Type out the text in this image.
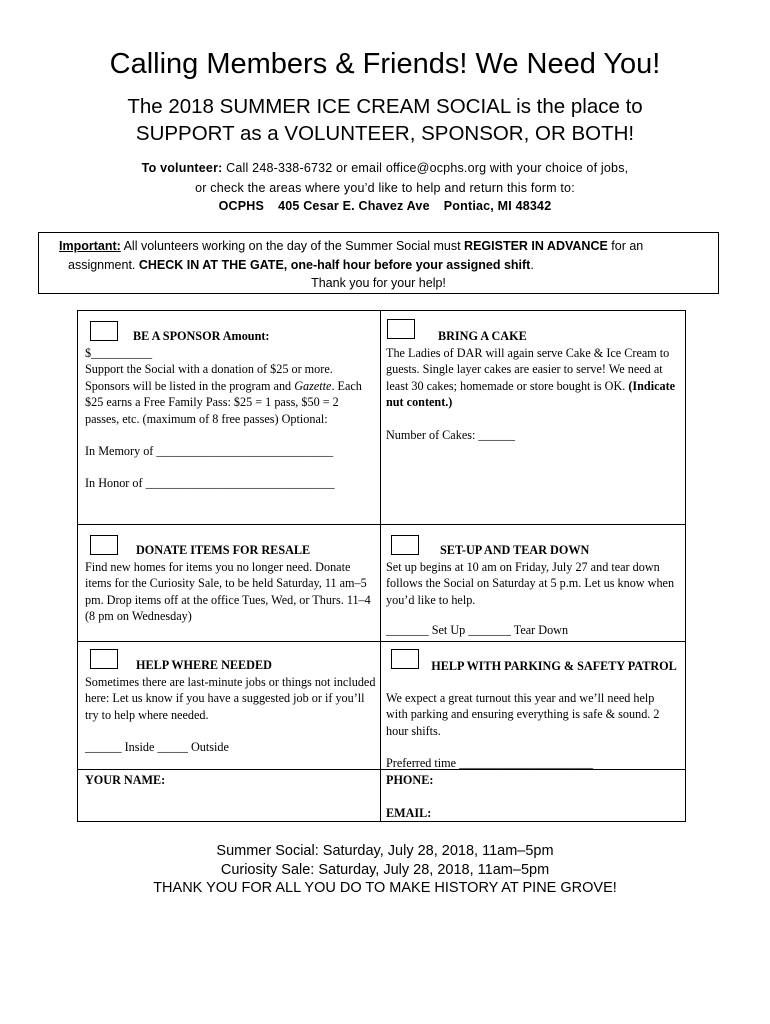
Calling Members & Friends! We Need You!
The 2018 SUMMER ICE CREAM SOCIAL is the place to
SUPPORT as a VOLUNTEER, SPONSOR, OR BOTH!
To volunteer: Call 248-338-6732 or email office@ocphs.org with your choice of jobs,
or check the areas where you’d like to help and return this form to:
OCPHS 405 Cesar E. Chavez Ave Pontiac, MI 48342
Important: All volunteers working on the day of the Summer Social must REGISTER IN ADVANCE for an
assignment. CHECK IN AT THE GATE, one-half hour before your assigned shift.
Thank you for your help!
BE A SPONSOR Amount:

$__________

Support the Social with a donation of $25 or more. Sponsors will be listed in the program and Gazette. Each $25 earns a Free Family Pass: $25 = 1 pass, $50 = 2 passes, etc. (maximum of 8 free passes) Optional:

In Memory of _____________________________

In Honor of _______________________________

BRING A CAKE

The Ladies of DAR will again serve Cake & Ice Cream to guests. Single layer cakes are easier to serve! We need at least 30 cakes; homemade or store bought is OK. (Indicate nut content.)

Number of Cakes: ______

DONATE ITEMS FOR RESALE

Find new homes for items you no longer need. Donate items for the Curiosity Sale, to be held Saturday, 11 am–5 pm. Drop items off at the office Tues, Wed, or Thurs. 11–4 (8 pm on Wednesday)

SET-UP AND TEAR DOWN

Set up begins at 10 am on Friday, July 27 and tear down follows the Social on Saturday at 5 p.m. Let us know when you’d like to help.

_______ Set Up _______ Tear Down

HELP WHERE NEEDED

Sometimes there are last-minute jobs or things not included here: Let us know if you have a suggested job or if you’ll try to help where needed.

______ Inside _____ Outside

HELP WITH PARKING & SAFETY PATROL

We expect a great turnout this year and we’ll need help with parking and ensuring everything is safe & sound. 2 hour shifts.

Preferred time ______________________

YOUR NAME:	PHONE:
EMAIL:
Summer Social: Saturday, July 28, 2018, 11am–5pm
Curiosity Sale: Saturday, July 28, 2018, 11am–5pm
THANK YOU FOR ALL YOU DO TO MAKE HISTORY AT PINE GROVE!
